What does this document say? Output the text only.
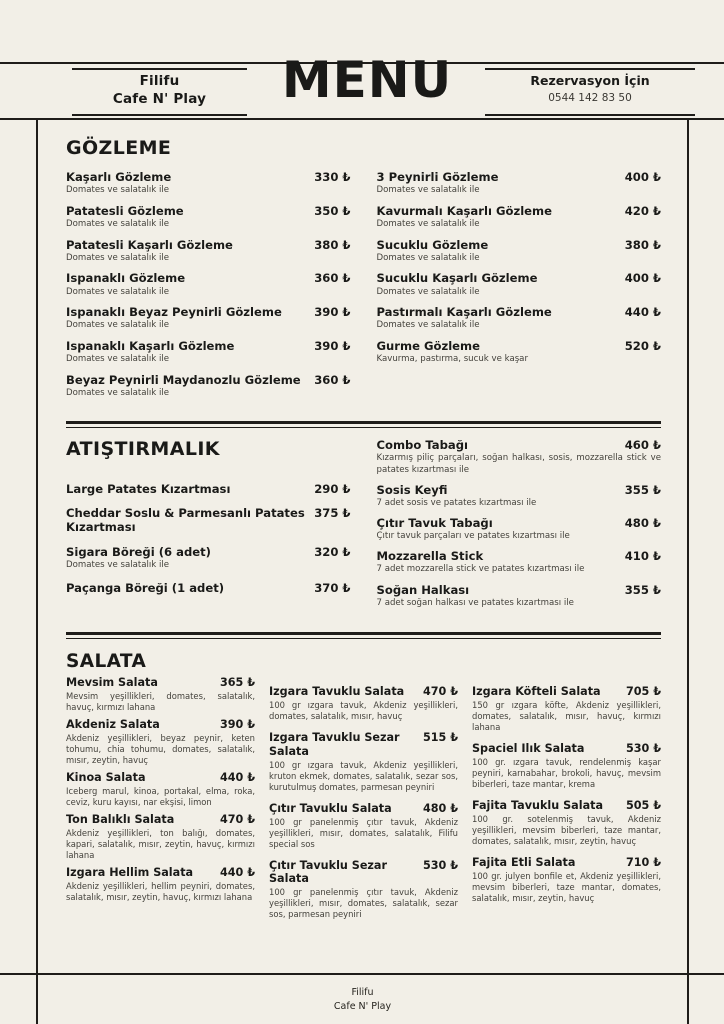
Filifu
Cafe N' Play	MENU	Rezervasyon İçin
0544 142 83 50
GÖZLEME
Kaşarlı Gözleme	330 ₺
Domates ve salatalık ile
Patatesli Gözleme	350 ₺
Domates ve salatalık ile
Patatesli Kaşarlı Gözleme	380 ₺
Domates ve salatalık ile
Ispanaklı Gözleme	360 ₺
Domates ve salatalık ile
Ispanaklı Beyaz Peynirli Gözleme	390 ₺
Domates ve salatalık ile
Ispanaklı Kaşarlı Gözleme	390 ₺
Domates ve salatalık ile
Beyaz Peynirli Maydanozlu Gözleme 360 ₺
Domates ve salatalık ile
3 Peynirli Gözleme	400 ₺
Domates ve salatalık ile
Kavurmalı Kaşarlı Gözleme	420 ₺
Domates ve salatalık ile
Sucuklu Gözleme	380 ₺
Domates ve salatalık ile
Sucuklu Kaşarlı Gözleme	400 ₺
Domates ve salatalık ile
Pastırmalı Kaşarlı Gözleme	440 ₺
Domates ve salatalık ile
Gurme Gözleme	520 ₺
Kavurma, pastırma, sucuk ve kaşar
ATIŞTIRMALIK
Large Patates Kızartması	290 ₺
Cheddar Soslu & Parmesanlı Patates Kızartması
375 ₺
Sigara Böreği (6 adet)	320 ₺
Domates ve salatalık ile
Paçanga Böreği (1 adet)	370 ₺
Combo Tabağı	460 ₺
Kızarmış piliç parçaları, soğan halkası, sosis, mozzarella stick ve patates kızartması ile
Sosis Keyfi	355 ₺
7 adet sosis ve patates kızartması ile
Çıtır Tavuk Tabağı	480 ₺
Çıtır tavuk parçaları ve patates kızartması ile
Mozzarella Stick	410 ₺
7 adet mozzarella stick ve patates kızartması ile
Soğan Halkası	355 ₺
7 adet soğan halkası ve patates kızartması ile
SALATA
Mevsim Salata	365 ₺
Mevsim yeşillikleri, domates, salatalık, havuç, kırmızı lahana
Akdeniz Salata	390 ₺
Akdeniz yeşillikleri, beyaz peynir, keten tohumu, chia tohumu, domates, salatalık, mısır, zeytin, havuç
Kinoa Salata	440 ₺
Iceberg marul, kinoa, portakal, elma, roka, ceviz, kuru kayısı, nar ekşisi, limon
Ton Balıklı Salata	470 ₺
Akdeniz yeşillikleri, ton balığı, domates, kapari, salatalık, mısır, zeytin, havuç, kırmızı lahana
Izgara Hellim Salata 440 ₺
Akdeniz yeşillikleri, hellim peyniri, domates, salatalık, mısır, zeytin, havuç, kırmızı lahana
Izgara Tavuklu Salata 470 ₺
100 gr ızgara tavuk, Akdeniz yeşillikleri, domates, salatalık, mısır, havuç
Izgara Tavuklu Sezar Salata
515 ₺
100 gr ızgara tavuk, Akdeniz yeşillikleri, kruton ekmek, domates, salatalık, sezar sos, kurutulmuş domates, parmesan peyniri
Çıtır Tavuklu Salata	480 ₺
100 gr panelenmiş çıtır tavuk, Akdeniz yeşillikleri, mısır, domates, salatalık, Filifu special sos
Çıtır Tavuklu Sezar Salata
530 ₺
100 gr panelenmiş çıtır tavuk, Akdeniz yeşillikleri, mısır, domates, salatalık, sezar sos, parmesan peyniri
Izgara Köfteli Salata 705 ₺
150 gr ızgara köfte, Akdeniz yeşillikleri, domates, salatalık, mısır, havuç, kırmızı lahana
Spaciel Ilık Salata	530 ₺
100 gr. ızgara tavuk, rendelenmiş kaşar peyniri, karnabahar, brokoli, havuç, mevsim biberleri, taze mantar, krema
Fajita Tavuklu Salata 505 ₺
100 gr. sotelenmiş tavuk, Akdeniz yeşillikleri, mevsim biberleri, taze mantar, domates, salatalık, mısır, zeytin, havuç
Fajita Etli Salata	710 ₺
100 gr. julyen bonfile et, Akdeniz yeşillikleri, mevsim biberleri, taze mantar, domates, salatalık, mısır, zeytin, havuç
Filifu
Cafe N' Play
